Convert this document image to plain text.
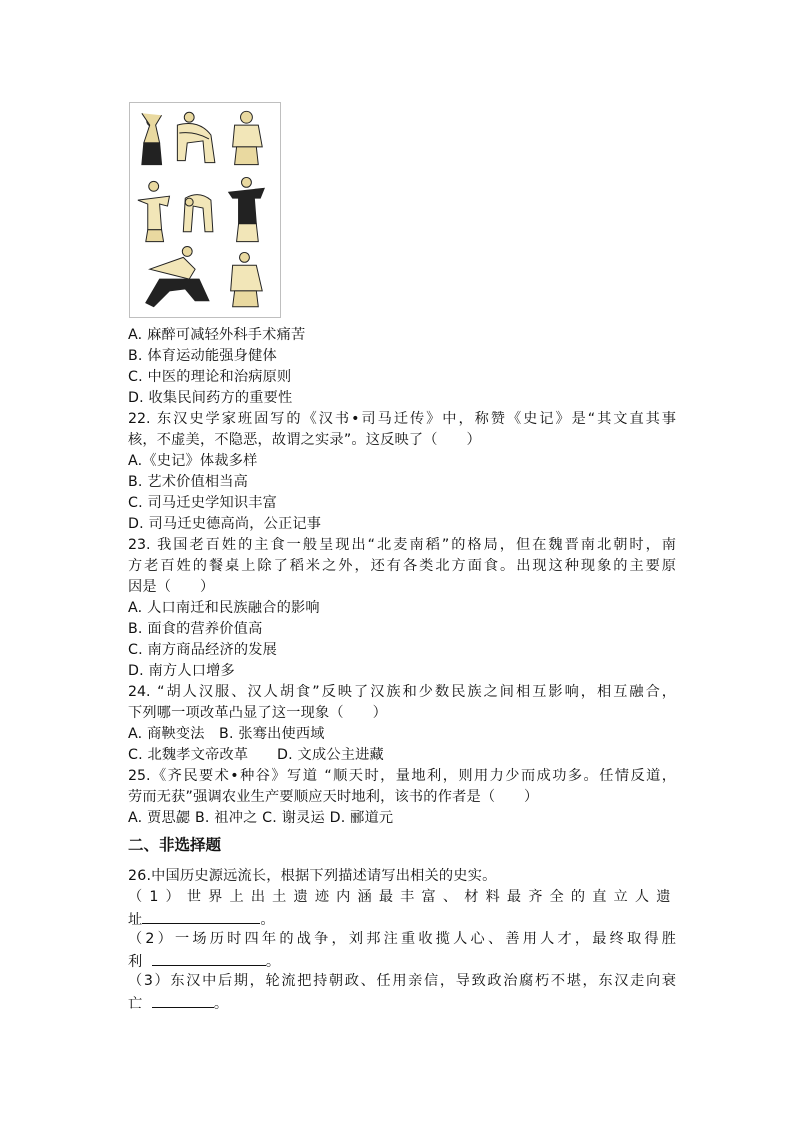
A. 麻醉可减轻外科手术痛苦
B. 体育运动能强身健体
C. 中医的理论和治病原则
D. 收集民间药方的重要性
22. 东汉史学家班固写的《汉书•司马迁传》中，称赞《史记》是“其文直其事
核，不虚美，不隐恶，故谓之实录”。这反映了（　　）
A.《史记》体裁多样
B. 艺术价值相当高
C. 司马迁史学知识丰富
D. 司马迁史德高尚，公正记事
23. 我国老百姓的主食一般呈现出“北麦南稻”的格局，但在魏晋南北朝时，南
方老百姓的餐桌上除了稻米之外，还有各类北方面食。出现这种现象的主要原
因是（　　）
A. 人口南迁和民族融合的影响
B. 面食的营养价值高
C. 南方商品经济的发展
D. 南方人口增多
24. “胡人汉服、汉人胡食”反映了汉族和少数民族之间相互影响，相互融合，
下列哪一项改革凸显了这一现象（　　）
A. 商鞅变法　B. 张骞出使西域
C. 北魏孝文帝改革　　D. 文成公主进藏
25.《齐民要术•种谷》写道 “顺天时，量地利，则用力少而成功多。任情反道，
劳而无获”强调农业生产要顺应天时地利，该书的作者是（　　）
A. 贾思勰 B. 祖冲之 C. 谢灵运 D. 郦道元
二、非选择题
26.中国历史源远流长，根据下列描述请写出相关的史实。
（1）世界上出土遗迹内涵最丰富、材料最齐全的直立人遗
址	。
（2）一场历时四年的战争，刘邦注重收揽人心、善用人才，最终取得胜
利	。
（3）东汉中后期，轮流把持朝政、任用亲信，导致政治腐朽不堪，东汉走向衰
亡	。
